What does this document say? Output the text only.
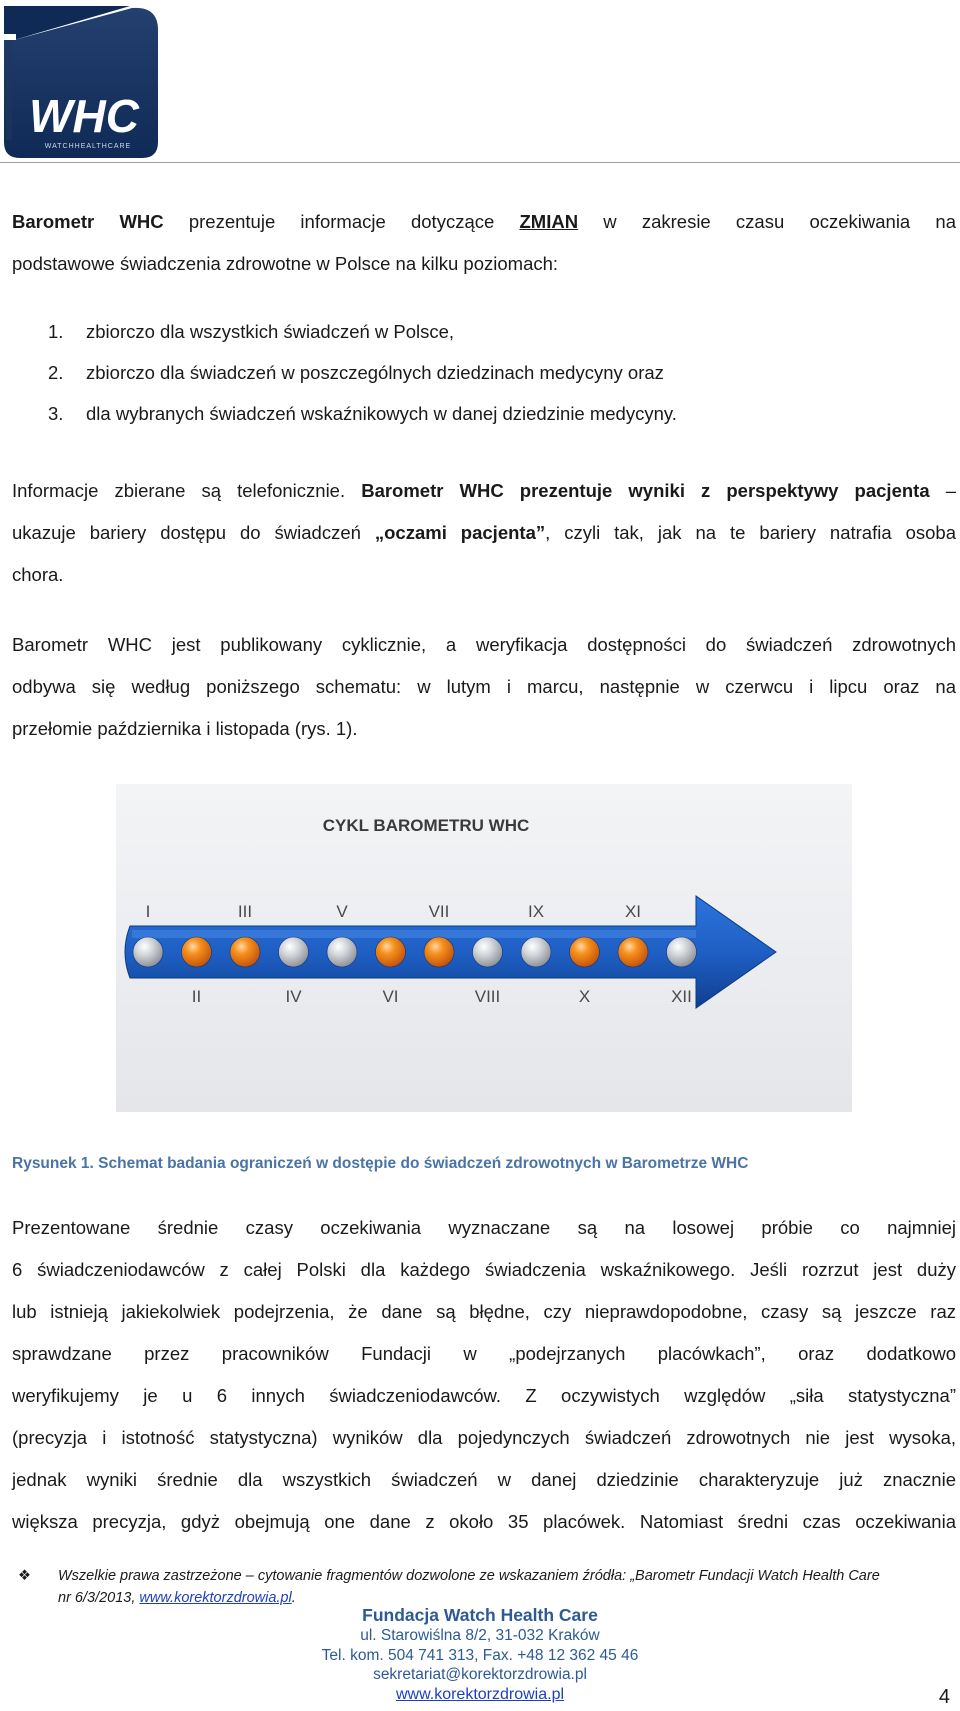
WHC
WATCHHEALTHCARE
Barometr WHC prezentuje informacje dotyczące ZMIAN w zakresie czasu oczekiwania na
podstawowe świadczenia zdrowotne w Polsce na kilku poziomach:
1. zbiorczo dla wszystkich świadczeń w Polsce,
2. zbiorczo dla świadczeń w poszczególnych dziedzinach medycyny oraz
3. dla wybranych świadczeń wskaźnikowych w danej dziedzinie medycyny.
Informacje zbierane są telefonicznie. Barometr WHC prezentuje wyniki z perspektywy pacjenta –
ukazuje bariery dostępu do świadczeń „oczami pacjenta”, czyli tak, jak na te bariery natrafia osoba
chora.
Barometr WHC jest publikowany cyklicznie, a weryfikacja dostępności do świadczeń zdrowotnych
odbywa się według poniższego schematu: w lutym i marcu, następnie w czerwcu i lipcu oraz na
przełomie października i listopada (rys. 1).
CYKL BAROMETRU WHC
I	III	V	VII	IX	XI
II	IV	VI	VIII	X	XII
Rysunek 1. Schemat badania ograniczeń w dostępie do świadczeń zdrowotnych w Barometrze WHC
Prezentowane średnie czasy oczekiwania wyznaczane są na losowej próbie co najmniej
6 świadczeniodawców z całej Polski dla każdego świadczenia wskaźnikowego. Jeśli rozrzut jest duży
lub istnieją jakiekolwiek podejrzenia, że dane są błędne, czy nieprawdopodobne, czasy są jeszcze raz
sprawdzane przez pracowników Fundacji w „podejrzanych placówkach”, oraz dodatkowo
weryfikujemy je u 6 innych świadczeniodawców. Z oczywistych względów „siła statystyczna”
(precyzja i istotność statystyczna) wyników dla pojedynczych świadczeń zdrowotnych nie jest wysoka,
jednak wyniki średnie dla wszystkich świadczeń w danej dziedzinie charakteryzuje już znacznie
większa precyzja, gdyż obejmują one dane z około 35 placówek. Natomiast średni czas oczekiwania
❖ Wszelkie prawa zastrzeżone – cytowanie fragmentów dozwolone ze wskazaniem źródła: „Barometr Fundacji Watch Health Care
nr 6/3/2013, www.korektorzdrowia.pl.
Fundacja Watch Health Care
ul. Starowiślna 8/2, 31-032 Kraków
Tel. kom. 504 741 313, Fax. +48 12 362 45 46
sekretariat@korektorzdrowia.pl
www.korektorzdrowia.pl	4
